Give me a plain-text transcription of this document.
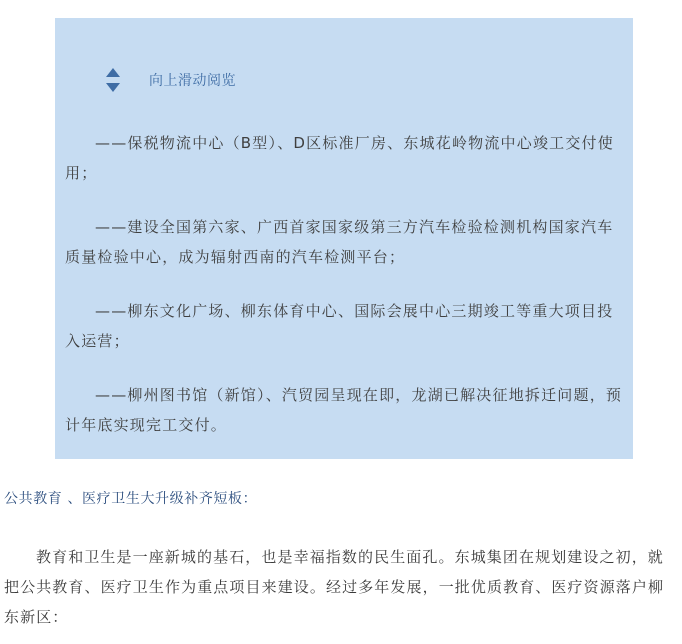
向上滑动阅览

——保税物流中心（B型）、D区标准厂房、东城花岭物流中心竣工交付使用；

——建设全国第六家、广西首家国家级第三方汽车检验检测机构国家汽车质量检验中心，成为辐射西南的汽车检测平台；

——柳东文化广场、柳东体育中心、国际会展中心三期竣工等重大项目投入运营；

——柳州图书馆（新馆）、汽贸园呈现在即，龙湖已解决征地拆迁问题，预计年底实现完工交付。

公共教育 、医疗卫生大升级补齐短板：

教育和卫生是一座新城的基石，也是幸福指数的民生面孔。东城集团在规划建设之初，就把公共教育、医疗卫生作为重点项目来建设。经过多年发展，一批优质教育、医疗资源落户柳东新区：
